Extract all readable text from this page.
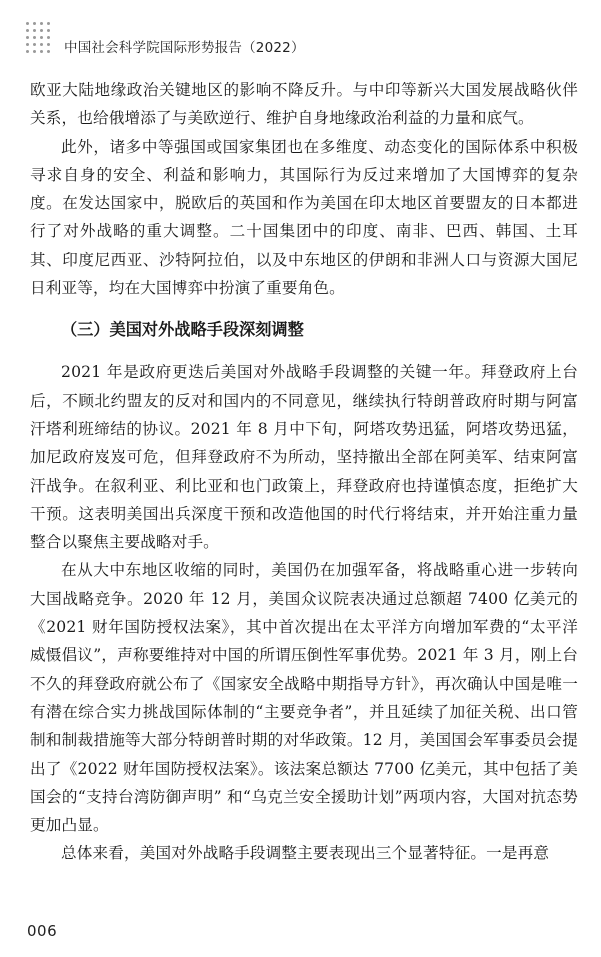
中国社会科学院国际形势报告（2022）

欧亚大陆地缘政治关键地区的影响不降反升。与中印等新兴大国发展战略伙伴关系，也给俄增添了与美欧逆行、维护自身地缘政治利益的力量和底气。

此外，诸多中等强国或国家集团也在多维度、动态变化的国际体系中积极寻求自身的安全、利益和影响力，其国际行为反过来增加了大国博弈的复杂度。在发达国家中，脱欧后的英国和作为美国在印太地区首要盟友的日本都进行了对外战略的重大调整。二十国集团中的印度、南非、巴西、韩国、土耳其、印度尼西亚、沙特阿拉伯，以及中东地区的伊朗和非洲人口与资源大国尼日利亚等，均在大国博弈中扮演了重要角色。

（三）美国对外战略手段深刻调整

2021 年是政府更迭后美国对外战略手段调整的关键一年。拜登政府上台后，不顾北约盟友的反对和国内的不同意见，继续执行特朗普政府时期与阿富汗塔利班缔结的协议。2021 年 8 月中下旬，阿塔攻势迅猛，阿塔攻势迅猛，加尼政府岌岌可危，但拜登政府不为所动，坚持撤出全部在阿美军、结束阿富汗战争。在叙利亚、利比亚和也门政策上，拜登政府也持谨慎态度，拒绝扩大干预。这表明美国出兵深度干预和改造他国的时代行将结束，并开始注重力量整合以聚焦主要战略对手。

在从大中东地区收缩的同时，美国仍在加强军备，将战略重心进一步转向大国战略竞争。2020 年 12 月，美国众议院表决通过总额超 7400 亿美元的《2021 财年国防授权法案》，其中首次提出在太平洋方向增加军费的“太平洋威慑倡议”，声称要维持对中国的所谓压倒性军事优势。2021 年 3 月，刚上台不久的拜登政府就公布了《国家安全战略中期指导方针》，再次确认中国是唯一有潜在综合实力挑战国际体制的“主要竞争者”，并且延续了加征关税、出口管制和制裁措施等大部分特朗普时期的对华政策。12 月，美国国会军事委员会提出了《2022 财年国防授权法案》。该法案总额达 7700 亿美元，其中包括了美国会的“支持台湾防御声明” 和“乌克兰安全援助计划”两项内容，大国对抗态势更加凸显。

总体来看，美国对外战略手段调整主要表现出三个显著特征。一是再意

006
